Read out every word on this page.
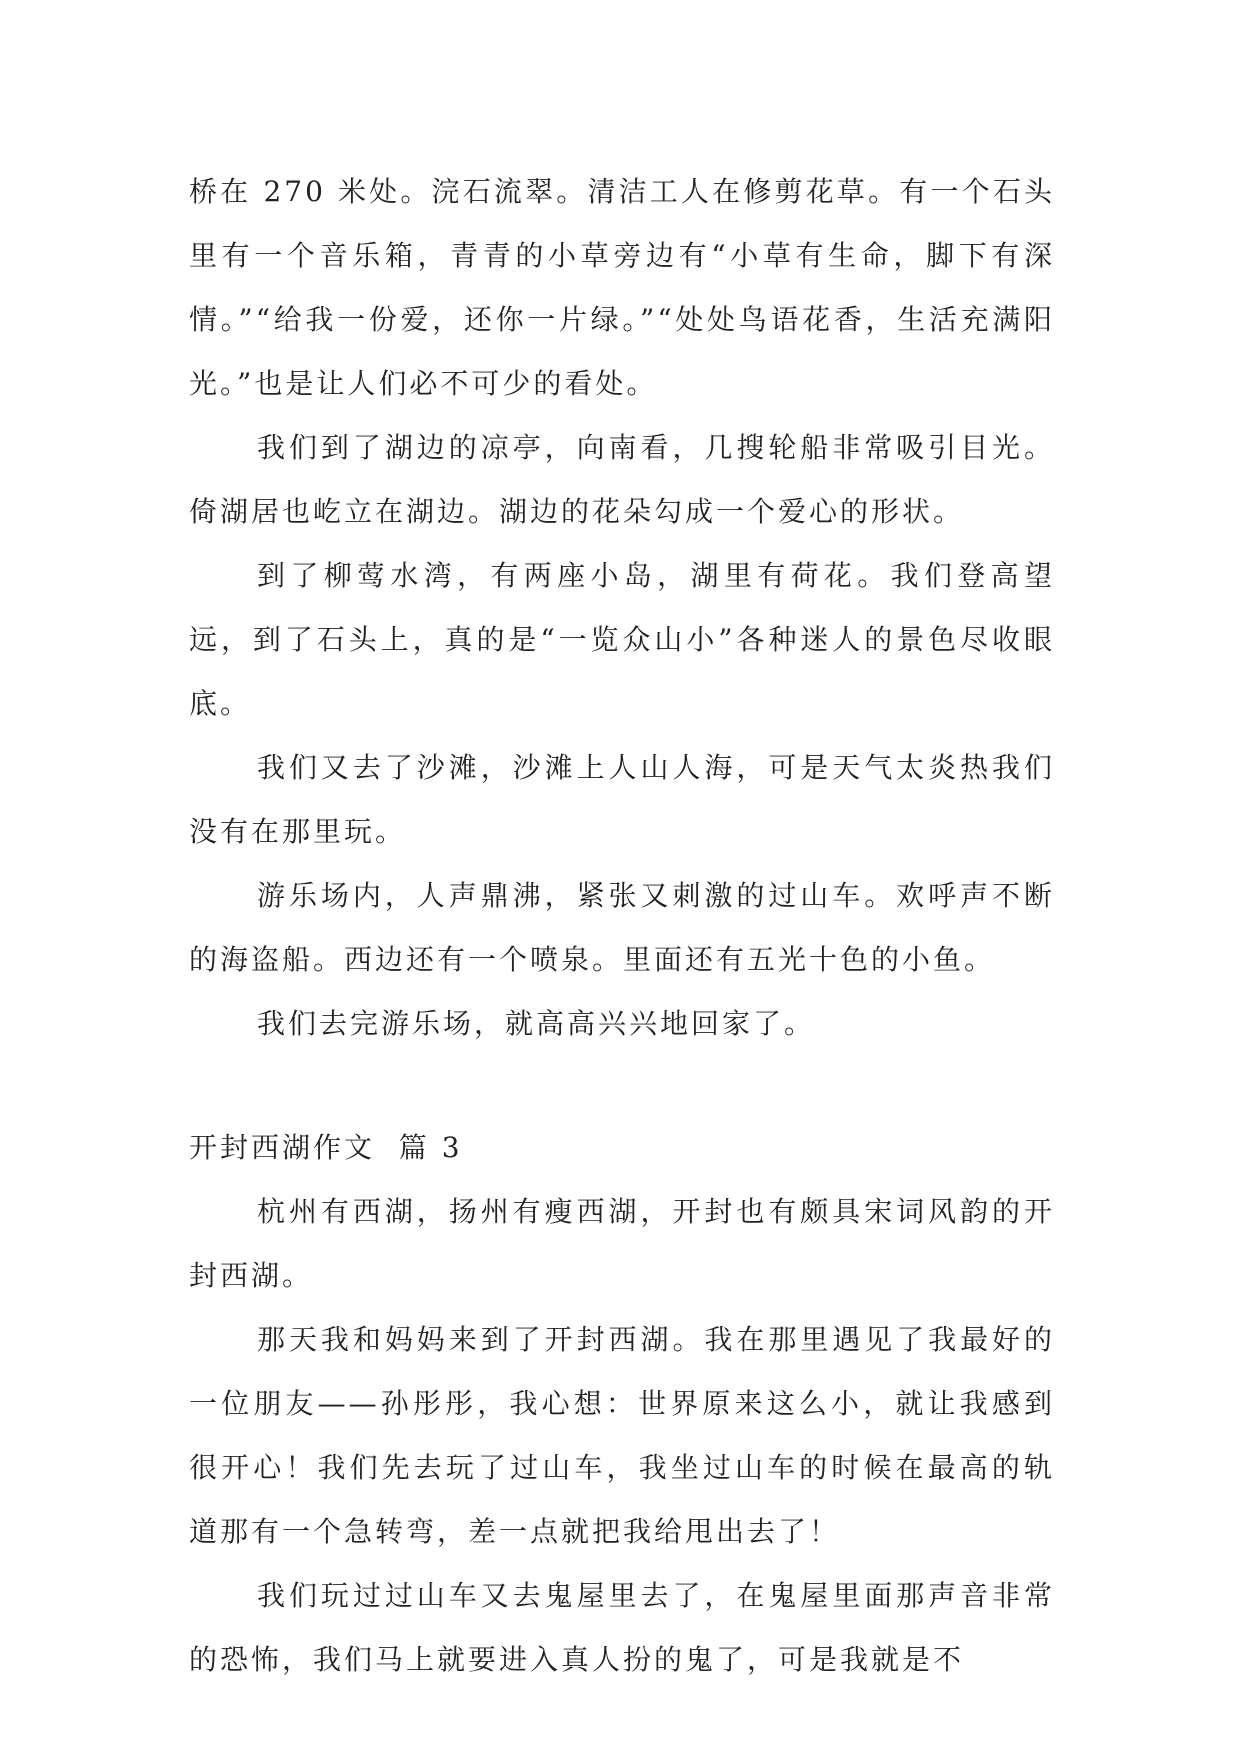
桥在 270 米处。浣石流翠。清洁工人在修剪花草。有一个石头里有一个音乐箱，青青的小草旁边有“小草有生命，脚下有深情。”“给我一份爱，还你一片绿。”“处处鸟语花香，生活充满阳光。”也是让人们必不可少的看处。

我们到了湖边的凉亭，向南看，几搜轮船非常吸引目光。倚湖居也屹立在湖边。湖边的花朵勾成一个爱心的形状。

到了柳莺水湾，有两座小岛，湖里有荷花。我们登高望远，到了石头上，真的是“一览众山小”各种迷人的景色尽收眼底。

我们又去了沙滩，沙滩上人山人海，可是天气太炎热我们没有在那里玩。

游乐场内，人声鼎沸，紧张又刺激的过山车。欢呼声不断的海盗船。西边还有一个喷泉。里面还有五光十色的小鱼。

我们去完游乐场，就高高兴兴地回家了。

开封西湖作文  篇 3

杭州有西湖，扬州有瘦西湖，开封也有颇具宋词风韵的开封西湖。

那天我和妈妈来到了开封西湖。我在那里遇见了我最好的一位朋友——孙彤彤，我心想：世界原来这么小，就让我感到很开心！我们先去玩了过山车，我坐过山车的时候在最高的轨道那有一个急转弯，差一点就把我给甩出去了！

我们玩过过山车又去鬼屋里去了，在鬼屋里面那声音非常的恐怖，我们马上就要进入真人扮的鬼了，可是我就是不
